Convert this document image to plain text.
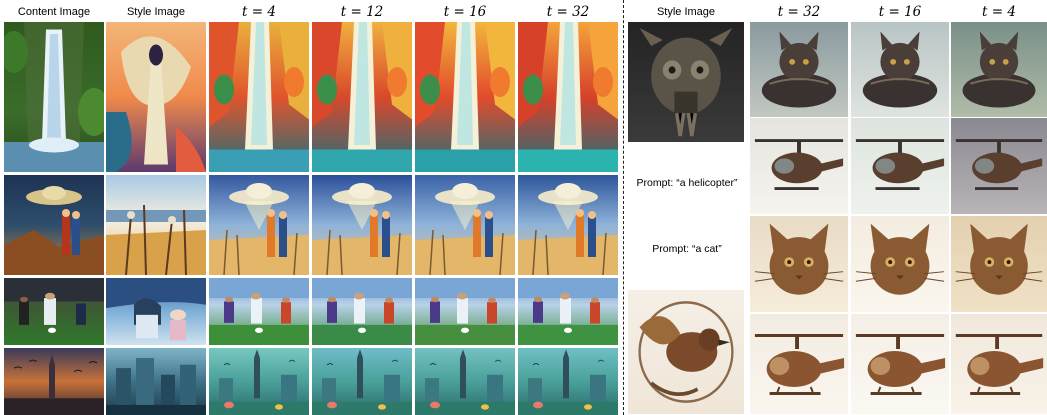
Content Image	Style Image	t = 4	t = 12	t = 16	t = 32	Style Image	t = 32	t = 16	t = 4
Prompt: “a helicopter”
Prompt: “a cat”
